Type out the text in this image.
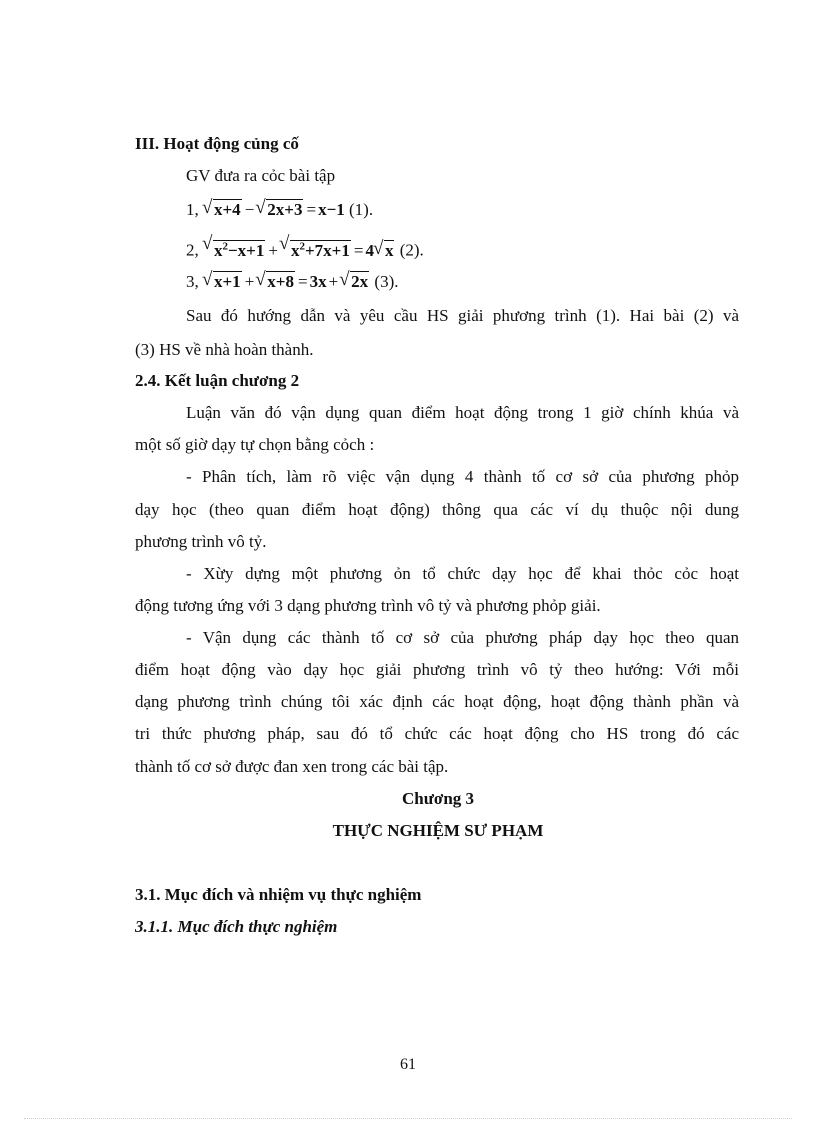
III. Hoạt động củng cố
GV đưa ra cỏc bài tập
1, √ x+4 −√ 2x+3 = x−1 (1).
2, √ $x^2-x+1$ +√ $x^2+7x+1 = 4√$ x (2).
3, √ x+1 +√ x+8 = 3x +√ 2x (3).
Sau đó hướng dẫn và yêu cầu HS giải phương trình (1). Hai bài (2) và
(3) HS về nhà hoàn thành.
2.4. Kết luận chương 2
Luận văn đó vận dụng quan điểm hoạt động trong 1 giờ chính khúa và
một số giờ dạy tự chọn bằng cỏch :
- Phân tích, làm rõ việc vận dụng 4 thành tố cơ sở của phương phỏp
dạy học (theo quan điểm hoạt động) thông qua các ví dụ thuộc nội dung
phương trình vô tỷ.
- Xừy dựng một phương ỏn tổ chức dạy học để khai thỏc cỏc hoạt
động tương ứng với 3 dạng phương trình vô tỷ và phương phỏp giải.
- Vận dụng các thành tố cơ sở của phương pháp dạy học theo quan
điểm hoạt động vào dạy học giải phương trình vô tỷ theo hướng: Với mỗi
dạng phương trình chúng tôi xác định các hoạt động, hoạt động thành phần và
tri thức phương pháp, sau đó tổ chức các hoạt động cho HS trong đó các
thành tố cơ sở được đan xen trong các bài tập.
Chương 3
THỰC NGHIỆM SƯ PHẠM
3.1. Mục đích và nhiệm vụ thực nghiệm
3.1.1. Mục đích thực nghiệm
61
